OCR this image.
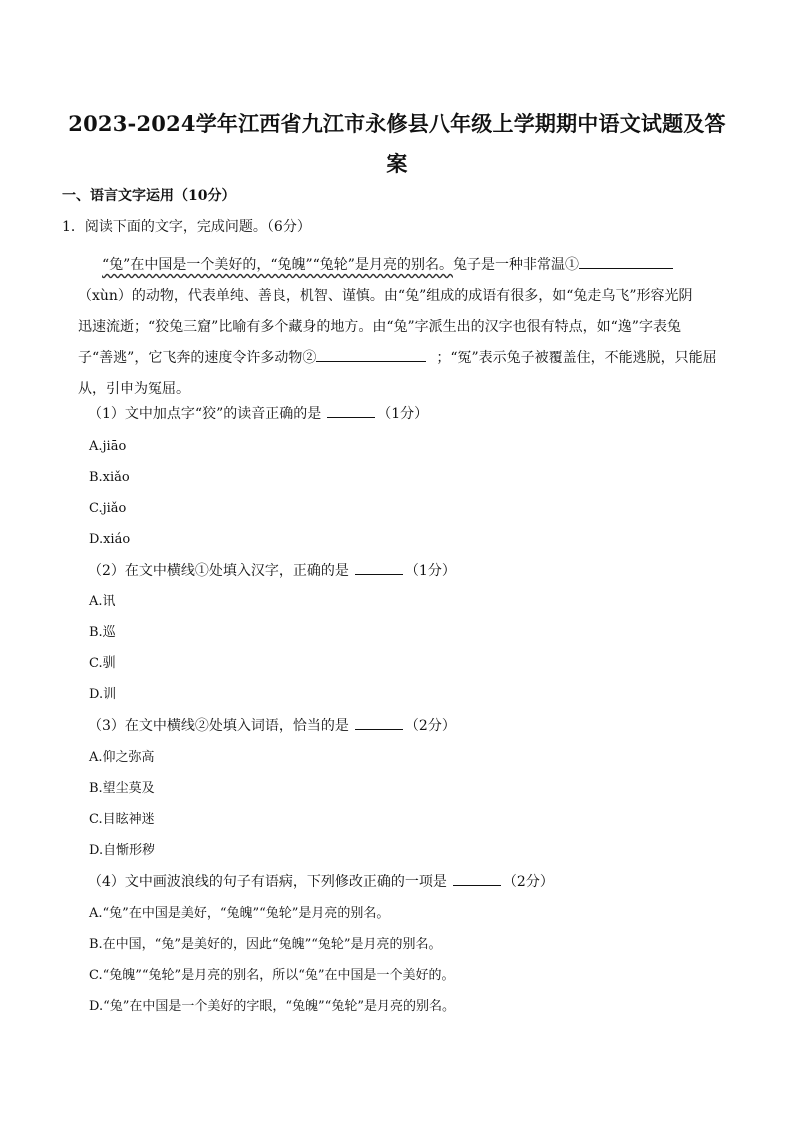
2023-2024学年江西省九江市永修县八年级上学期期中语文试题及答
案
一、语言文字运用（10分）
1．阅读下面的文字，完成问题。（6分）
“兔”在中国是一个美好的，“兔魄”“兔轮”是月亮的别名。兔子是一种非常温①
（xùn）的动物，代表单纯、善良，机智、谨慎。由“兔”组成的成语有很多，如“兔走乌飞”形容光阴
迅速流逝；“狡兔三窟”比喻有多个藏身的地方。由“兔”字派生出的汉字也很有特点，如“逸”字表兔
子“善逃”，它飞奔的速度令许多动物②	；“冤”表示兔子被覆盖住，不能逃脱，只能屈
从，引申为冤屈。
（1）文中加点字“狡”的读音正确的是	（1分）
A.jiāo
B.xiǎo
C.jiǎo
D.xiáo
（2）在文中横线①处填入汉字，正确的是	（1分）
A.讯
B.巡
C.驯
D.训
（3）在文中横线②处填入词语，恰当的是	（2分）
A.仰之弥高
B.望尘莫及
C.目眩神迷
D.自惭形秽
（4）文中画波浪线的句子有语病，下列修改正确的一项是	（2分）
A.“兔”在中国是美好，“兔魄”“兔轮”是月亮的别名。
B.在中国，“兔”是美好的，因此“兔魄”“兔轮”是月亮的别名。
C.“兔魄”“兔轮”是月亮的别名，所以“兔”在中国是一个美好的。
D.“兔”在中国是一个美好的字眼，“兔魄”“兔轮”是月亮的别名。
